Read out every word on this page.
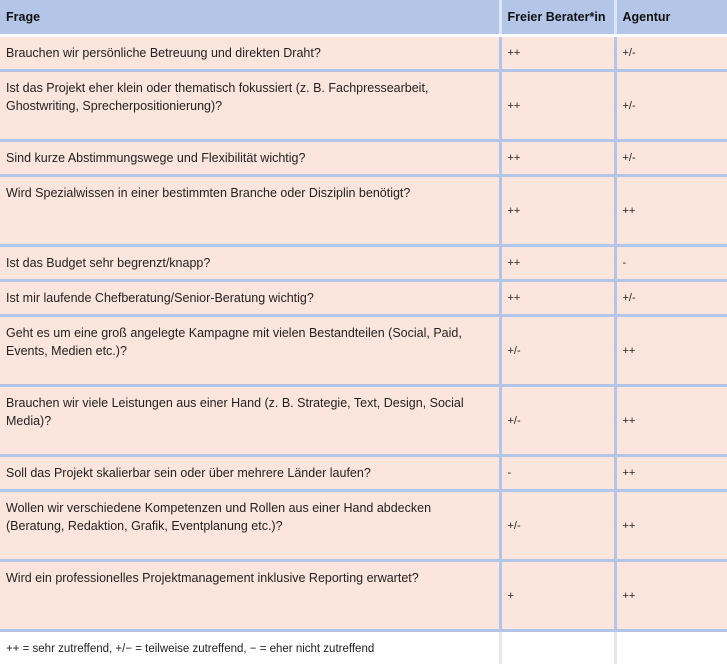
Frage	Freier Berater*in	Agentur
Brauchen wir persönliche Betreuung und direkten Draht?	++	+/-
Ist das Projekt eher klein oder thematisch fokussiert (z. B. Fachpressearbeit, Ghostwriting, Sprecherpositionierung)?	++	+/-
Sind kurze Abstimmungswege und Flexibilität wichtig?	++	+/-
Wird Spezialwissen in einer bestimmten Branche oder Disziplin benötigt?	++	++
Ist das Budget sehr begrenzt/knapp?	++	-
Ist mir laufende Chefberatung/Senior-Beratung wichtig?	++	+/-
Geht es um eine groß angelegte Kampagne mit vielen Bestandteilen (Social, Paid, Events, Medien etc.)?	+/-	++
Brauchen wir viele Leistungen aus einer Hand (z. B. Strategie, Text, Design, Social Media)?	+/-	++
Soll das Projekt skalierbar sein oder über mehrere Länder laufen?	-	++
Wollen wir verschiedene Kompetenzen und Rollen aus einer Hand abdecken (Beratung, Redaktion, Grafik, Eventplanung etc.)?	+/-	++
Wird ein professionelles Projektmanagement inklusive Reporting erwartet?	+	++
++ = sehr zutreffend, +/− = teilweise zutreffend, − = eher nicht zutreffend		
